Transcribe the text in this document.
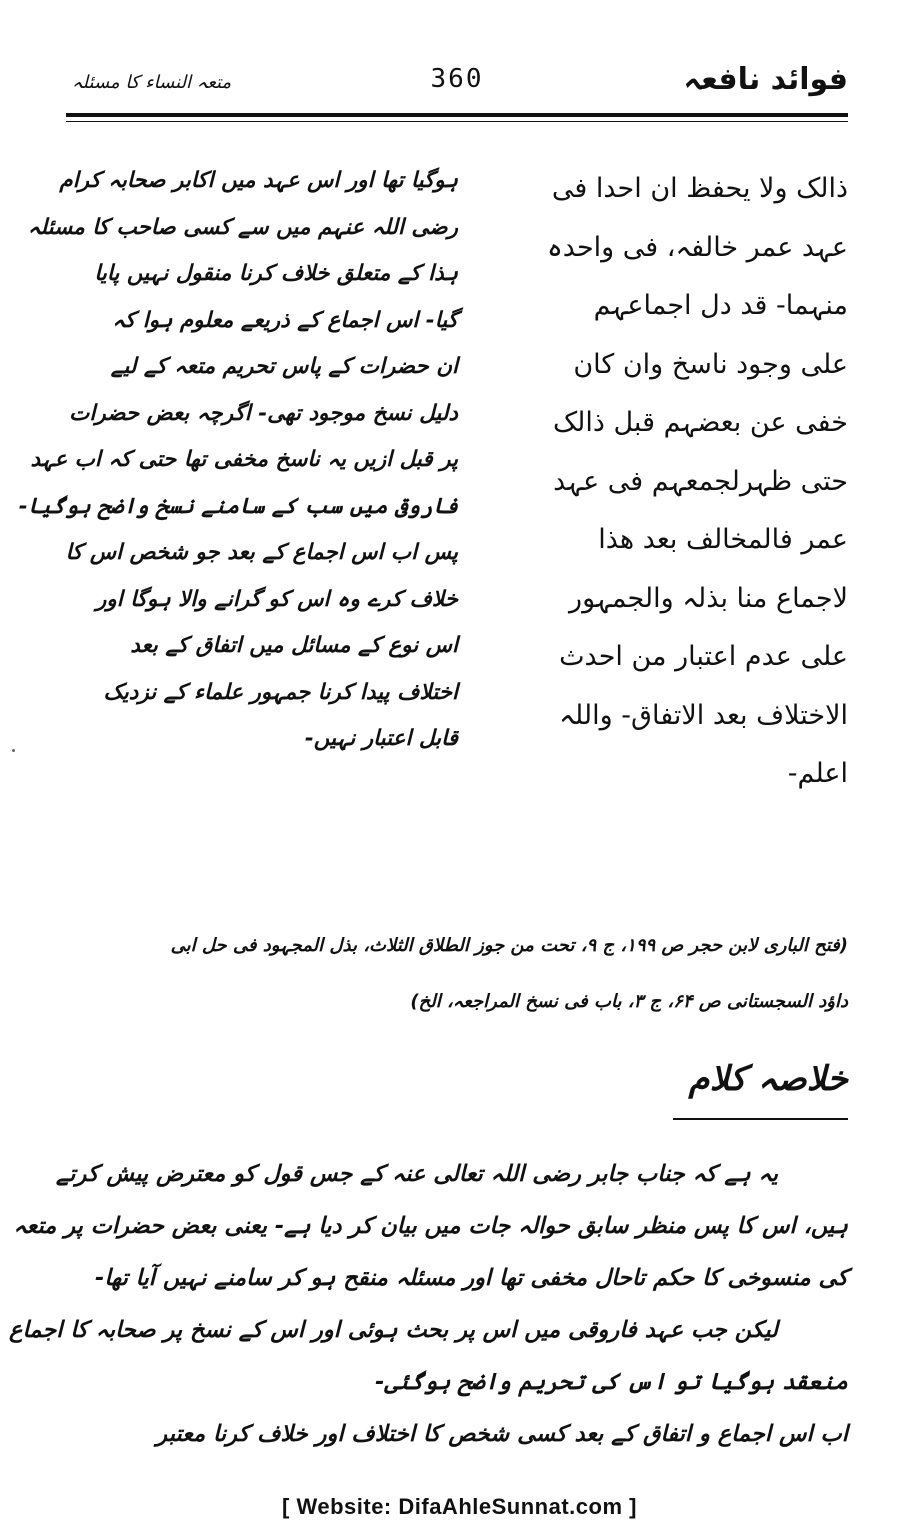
فوائد نافعہ
360
متعہ النساء کا مسئلہ
ذالک ولا یحفظ ان احدا فی
عہد عمر خالفہ، فی واحدہ
منہما- قد دل اجماعہم
علی وجود ناسخ وان کان
خفی عن بعضہم قبل ذالک
حتی ظہرلجمعہم فی عہد
عمر فالمخالف بعد ھذا
لاجماع منا بذلہ والجمہور
علی عدم اعتبار من احدث
الاختلاف بعد الاتفاق- واللہ
اعلم-
ہوگیا تھا اور اس عہد میں اکابر صحابہ کرام
رضی اللہ عنہم میں سے کسی صاحب کا مسئلہ
ہذا کے متعلق خلاف کرنا منقول نہیں پایا
گیا- اس اجماع کے ذریعے معلوم ہوا کہ
ان حضرات کے پاس تحریم متعہ کے لیے
دلیل نسخ موجود تھی- اگرچہ بعض حضرات
پر قبل ازیں یہ ناسخ مخفی تھا حتی کہ اب عہد
فاروقی میں سب کے سامنے نسخ واضح ہوگیا-
پس اب اس اجماع کے بعد جو شخص اس کا
خلاف کرے وہ اس کو گرانے والا ہوگا اور
اس نوع کے مسائل میں اتفاق کے بعد
اختلاف پیدا کرنا جمہور علماء کے نزدیک
قابل اعتبار نہیں-
(فتح الباری لابن حجر ص ۱۹۹، ج ۹، تحت من جوز الطلاق الثلاث، بذل المجہود فی حل ابی
داؤد السجستانی ص ۶۴، ج ۳، باب فی نسخ المراجعہ، الخ)
خلاصہ کلام
یہ ہے کہ جناب جابر رضی اللہ تعالی عنہ کے جس قول کو معترض پیش کرتے
ہیں، اس کا پس منظر سابق حوالہ جات میں بیان کر دیا ہے- یعنی بعض حضرات پر متعہ
کی منسوخی کا حکم تاحال مخفی تھا اور مسئلہ منقح ہو کر سامنے نہیں آیا تھا-
لیکن جب عہد فاروقی میں اس پر بحث ہوئی اور اس کے نسخ پر صحابہ کا اجماع
منعقد ہوگیا تو اس کی تحریم واضح ہوگئی-
اب اس اجماع و اتفاق کے بعد کسی شخص کا اختلاف اور خلاف کرنا معتبر
[ Website: DifaAhleSunnat.com ]
